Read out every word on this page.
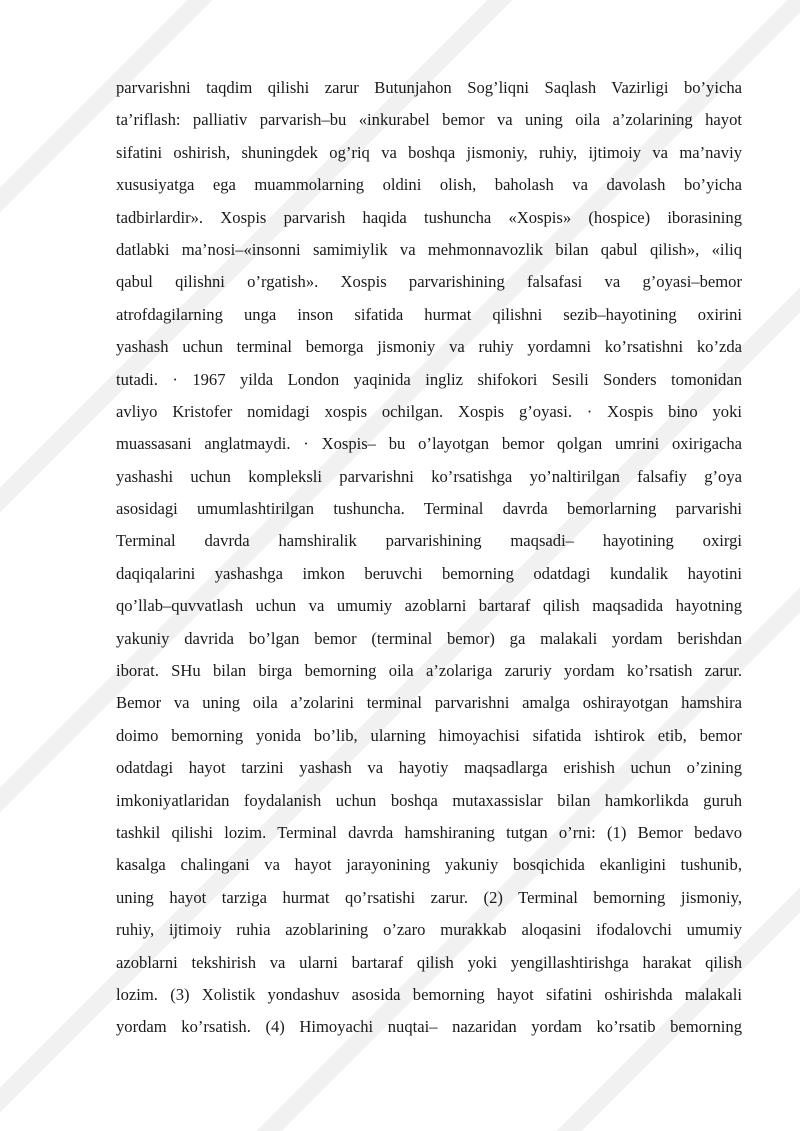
parvarishni taqdim qilishi zarur Butunjahon Sog’liqni Saqlash Vazirligi bo’yicha
ta’riflash: palliativ parvarish–bu «inkurabel bemor va uning oila a’zolarining hayot
sifatini oshirish, shuningdek og’riq va boshqa jismoniy, ruhiy, ijtimoiy va ma’naviy
xususiyatga ega muammolarning oldini olish, baholash va davolash bo’yicha
tadbirlardir». Xospis parvarish haqida tushuncha «Xospis» (hospice) iborasining
datlabki ma’nosi–«insonni samimiylik va mehmonnavozlik bilan qabul qilish», «iliq
qabul qilishni o’rgatish». Xospis parvarishining falsafasi va g’oyasi–bemor
atrofdagilarning unga inson sifatida hurmat qilishni sezib–hayotining oxirini
yashash uchun terminal bemorga jismoniy va ruhiy yordamni ko’rsatishni ko’zda
tutadi. · 1967 yilda London yaqinida ingliz shifokori Sesili Sonders tomonidan
avliyo Kristofer nomidagi xospis ochilgan. Xospis g’oyasi. · Xospis bino yoki
muassasani anglatmaydi. · Xospis– bu o’layotgan bemor qolgan umrini oxirigacha
yashashi uchun kompleksli parvarishni ko’rsatishga yo’naltirilgan falsafiy g’oya
asosidagi umumlashtirilgan tushuncha. Terminal davrda bemorlarning parvarishi
Terminal davrda hamshiralik parvarishining maqsadi– hayotining oxirgi
daqiqalarini yashashga imkon beruvchi bemorning odatdagi kundalik hayotini
qo’llab–quvvatlash uchun va umumiy azoblarni bartaraf qilish maqsadida hayotning
yakuniy davrida bo’lgan bemor (terminal bemor) ga malakali yordam berishdan
iborat. SHu bilan birga bemorning oila a’zolariga zaruriy yordam ko’rsatish zarur.
Bemor va uning oila a’zolarini terminal parvarishni amalga oshirayotgan hamshira
doimo bemorning yonida bo’lib, ularning himoyachisi sifatida ishtirok etib, bemor
odatdagi hayot tarzini yashash va hayotiy maqsadlarga erishish uchun o’zining
imkoniyatlaridan foydalanish uchun boshqa mutaxassislar bilan hamkorlikda guruh
tashkil qilishi lozim. Terminal davrda hamshiraning tutgan o’rni: (1) Bemor bedavo
kasalga chalingani va hayot jarayonining yakuniy bosqichida ekanligini tushunib,
uning hayot tarziga hurmat qo’rsatishi zarur. (2) Terminal bemorning jismoniy,
ruhiy, ijtimoiy ruhia azoblarining o’zaro murakkab aloqasini ifodalovchi umumiy
azoblarni tekshirish va ularni bartaraf qilish yoki yengillashtirishga harakat qilish
lozim. (3) Xolistik yondashuv asosida bemorning hayot sifatini oshirishda malakali
yordam ko’rsatish. (4) Himoyachi nuqtai– nazaridan yordam ko’rsatib bemorning
